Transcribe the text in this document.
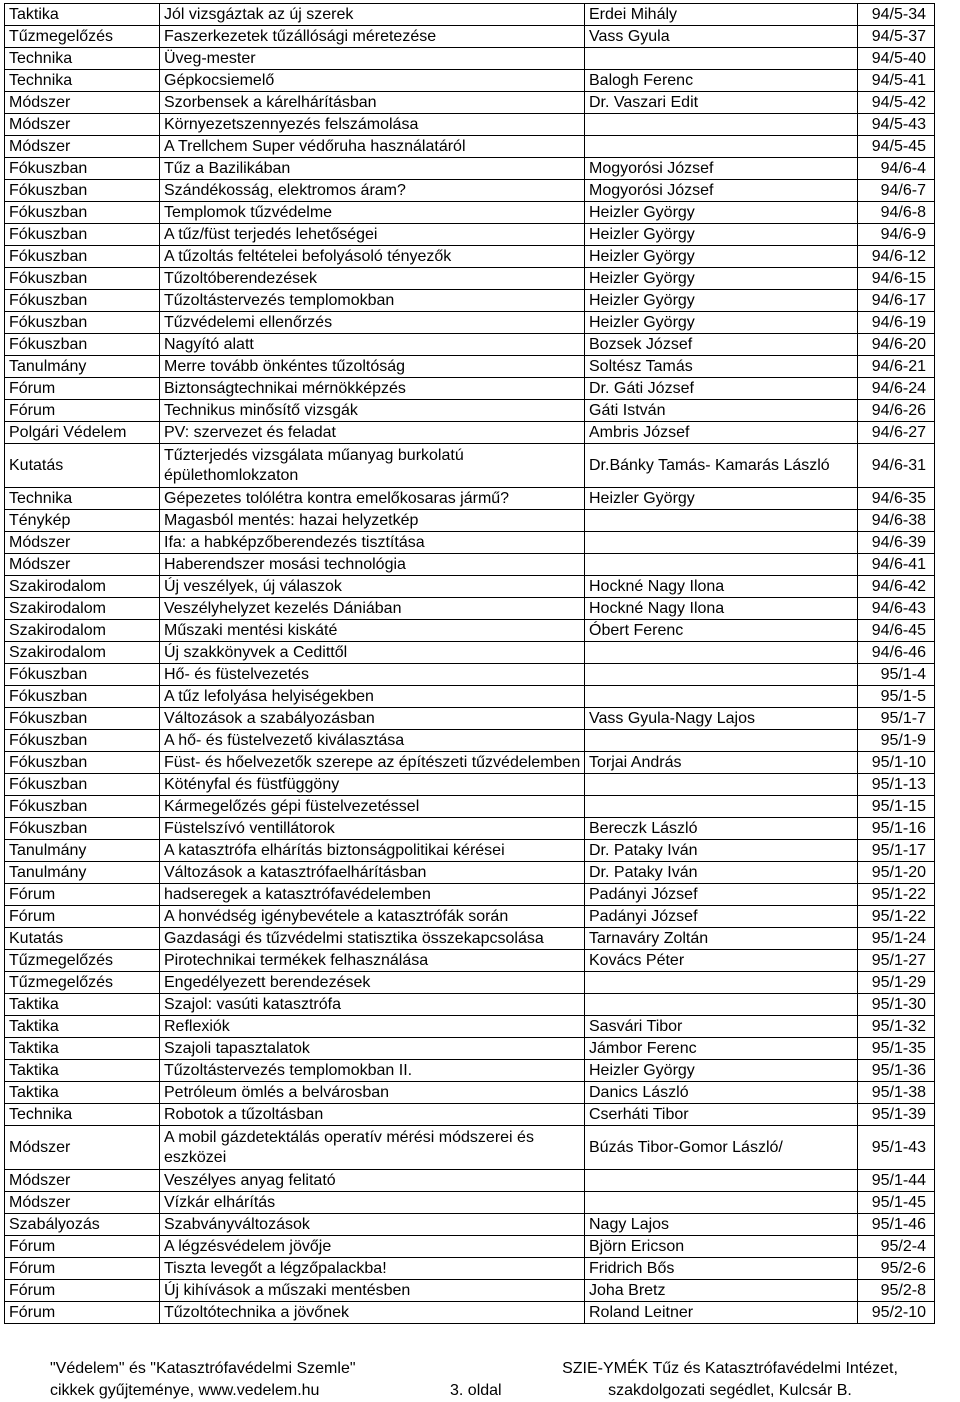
Taktika	Jól vizsgáztak az új szerek	Erdei Mihály	94/5-34
Tűzmegelőzés	Faszerkezetek tűzállósági méretezése	Vass Gyula	94/5-37
Technika	Üveg-mester		94/5-40
Technika	Gépkocsiemelő	Balogh Ferenc	94/5-41
Módszer	Szorbensek a kárelhárításban	Dr. Vaszari Edit	94/5-42
Módszer	Környezetszennyezés felszámolása		94/5-43
Módszer	A Trellchem Super védőruha használatáról		94/5-45
Fókuszban	Tűz a Bazilikában	Mogyorósi József	94/6-4
Fókuszban	Szándékosság, elektromos áram?	Mogyorósi József	94/6-7
Fókuszban	Templomok tűzvédelme	Heizler György	94/6-8
Fókuszban	A tűz/füst terjedés lehetőségei	Heizler György	94/6-9
Fókuszban	A tűzoltás feltételei befolyásoló tényezők	Heizler György	94/6-12
Fókuszban	Tűzoltóberendezések	Heizler György	94/6-15
Fókuszban	Tűzoltástervezés templomokban	Heizler György	94/6-17
Fókuszban	Tűzvédelemi ellenőrzés	Heizler György	94/6-19
Fókuszban	Nagyító alatt	Bozsek József	94/6-20
Tanulmány	Merre tovább önkéntes tűzoltóság	Soltész Tamás	94/6-21
Fórum	Biztonságtechnikai mérnökképzés	Dr. Gáti József	94/6-24
Fórum	Technikus minősítő vizsgák	Gáti István	94/6-26
Polgári Védelem	PV: szervezet és feladat	Ambris József	94/6-27
Kutatás	Tűzterjedés vizsgálata műanyag burkolatú épülethomlokzaton	Dr.Bánky Tamás- Kamarás László	94/6-31
Technika	Gépezetes tolólétra kontra emelőkosaras jármű?	Heizler György	94/6-35
Ténykép	Magasból mentés: hazai helyzetkép		94/6-38
Módszer	Ifa: a habképzőberendezés tisztítása		94/6-39
Módszer	Haberendszer mosási technológia		94/6-41
Szakirodalom	Új veszélyek, új válaszok	Hockné Nagy Ilona	94/6-42
Szakirodalom	Veszélyhelyzet kezelés Dániában	Hockné Nagy Ilona	94/6-43
Szakirodalom	Műszaki mentési kiskáté	Óbert Ferenc	94/6-45
Szakirodalom	Új szakkönyvek a Cedittől		94/6-46
Fókuszban	Hő- és füstelvezetés		95/1-4
Fókuszban	A tűz lefolyása helyiségekben		95/1-5
Fókuszban	Változások a szabályozásban	Vass Gyula-Nagy Lajos	95/1-7
Fókuszban	A hő- és füstelvezető kiválasztása		95/1-9
Fókuszban	Füst- és hőelvezetők szerepe az építészeti tűzvédelemben	Torjai András	95/1-10
Fókuszban	Kötényfal és füstfüggöny		95/1-13
Fókuszban	Kármegelőzés gépi füstelvezetéssel		95/1-15
Fókuszban	Füstelszívó ventillátorok	Bereczk László	95/1-16
Tanulmány	A katasztrófa elhárítás biztonságpolitikai kérései	Dr. Pataky Iván	95/1-17
Tanulmány	Változások a katasztrófaelhárításban	Dr. Pataky Iván	95/1-20
Fórum	hadseregek a katasztrófavédelemben	Padányi József	95/1-22
Fórum	A honvédség igénybevétele a katasztrófák során	Padányi József	95/1-22
Kutatás	Gazdasági és tűzvédelmi statisztika összekapcsolása	Tarnaváry Zoltán	95/1-24
Tűzmegelőzés	Pirotechnikai termékek felhasználása	Kovács Péter	95/1-27
Tűzmegelőzés	Engedélyezett berendezések		95/1-29
Taktika	Szajol: vasúti katasztrófa		95/1-30
Taktika	Reflexiók	Sasvári Tibor	95/1-32
Taktika	Szajoli tapasztalatok	Jámbor Ferenc	95/1-35
Taktika	Tűzoltástervezés templomokban II.	Heizler György	95/1-36
Taktika	Petróleum ömlés a belvárosban	Danics László	95/1-38
Technika	Robotok a tűzoltásban	Cserháti Tibor	95/1-39
Módszer	A mobil gázdetektálás operatív mérési módszerei és eszközei	Búzás Tibor-Gomor László/	95/1-43
Módszer	Veszélyes anyag felitató		95/1-44
Módszer	Vízkár elhárítás		95/1-45
Szabályozás	Szabványváltozások	Nagy Lajos	95/1-46
Fórum	A légzésvédelem jövője	Björn Ericson	95/2-4
Fórum	Tiszta levegőt a légzőpalackba!	Fridrich Bős	95/2-6
Fórum	Új kihívások a műszaki mentésben	Joha Bretz	95/2-8
Fórum	Tűzoltótechnika a jövőnek	Roland Leitner	95/2-10
"Védelem" és "Katasztrófavédelmi Szemle"
cikkek gyűjteménye, www.vedelem.hu	3. oldal
SZIE-YMÉK Tűz és Katasztrófavédelmi Intézet,
szakdolgozati segédlet, Kulcsár B.
